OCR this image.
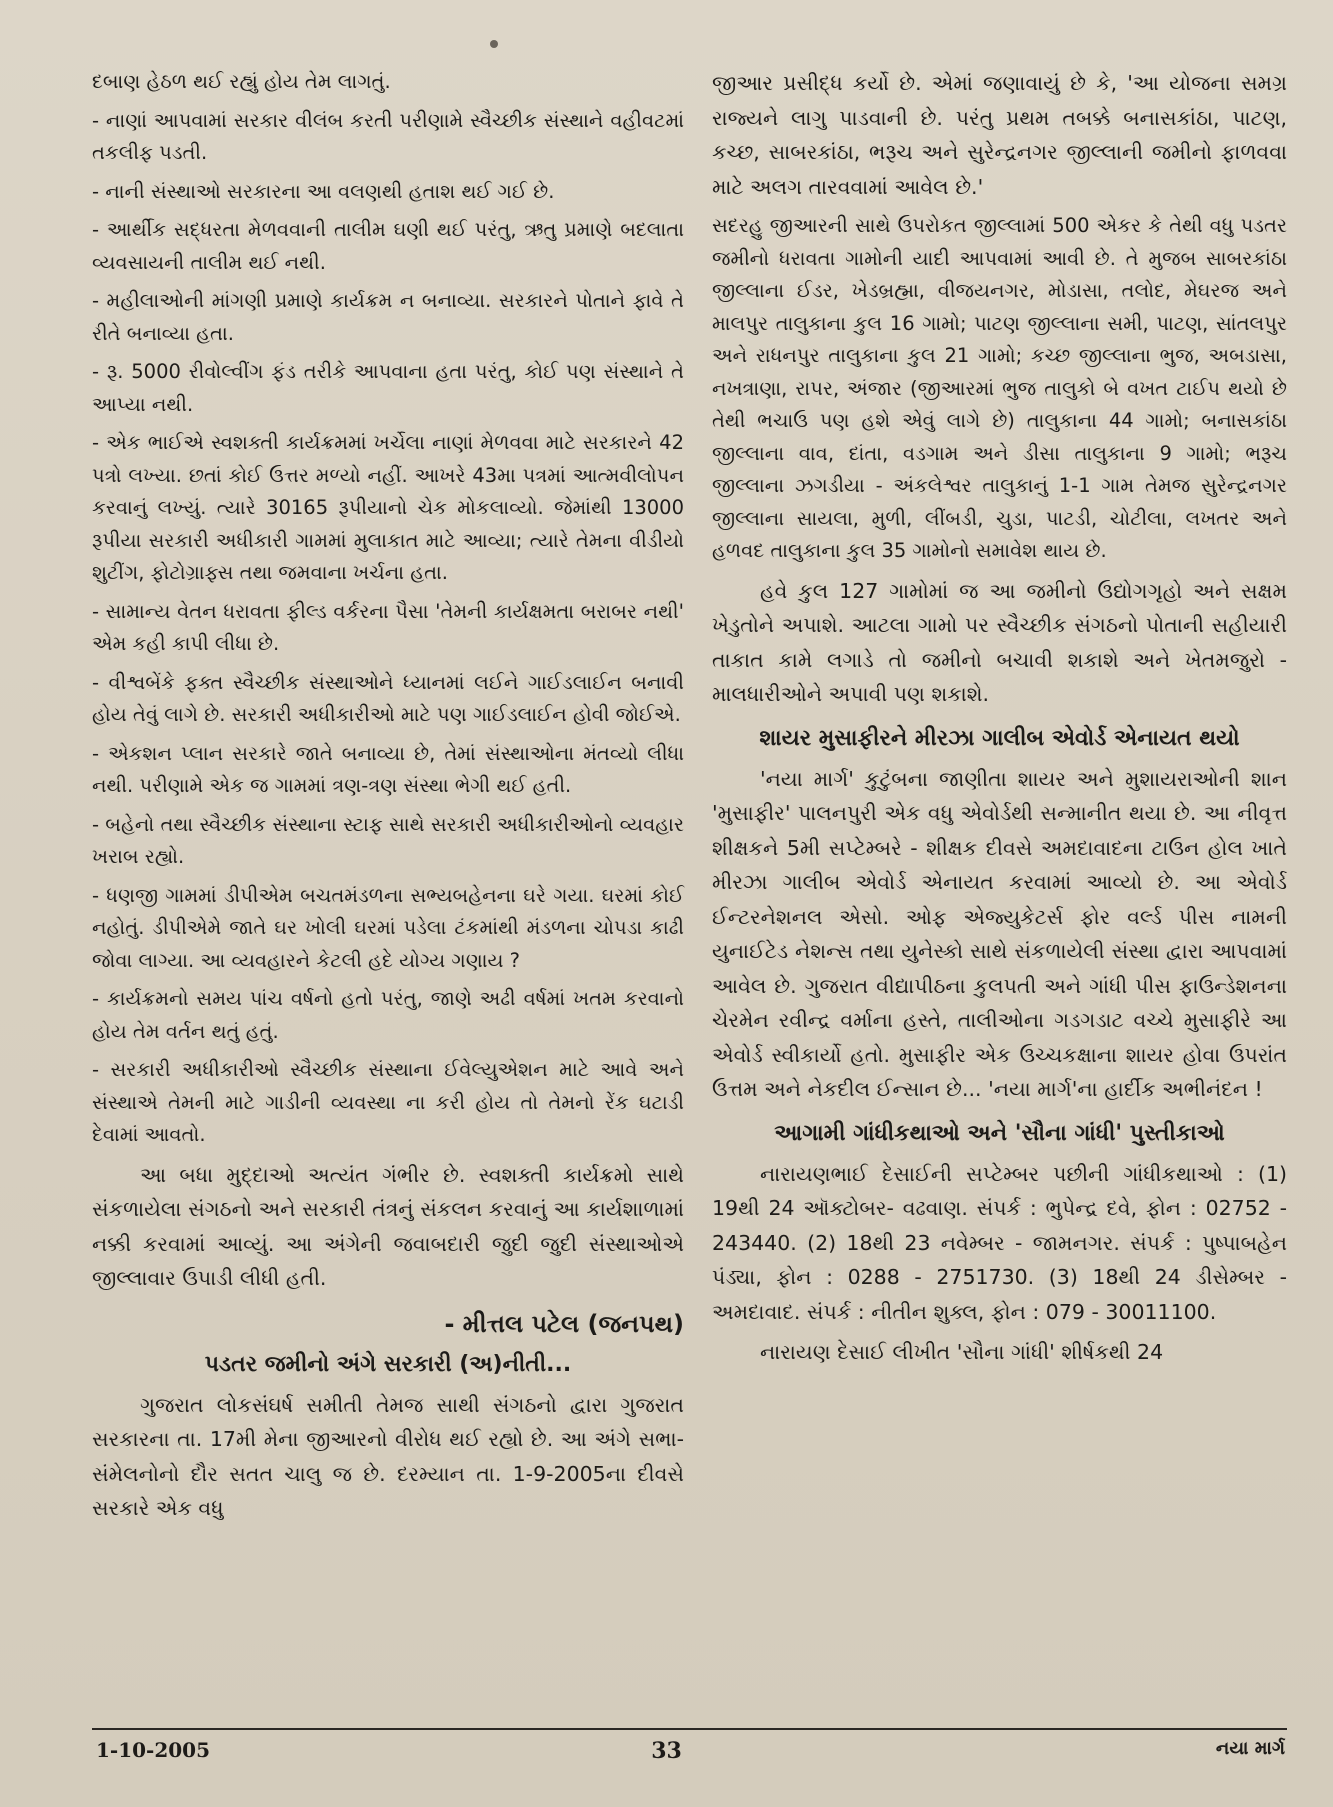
દબાણ હેઠળ થઈ રહ્યું હોય તેમ લાગતું.

- નાણાં આપવામાં સરકાર વીલંબ કરતી પરીણામે સ્વૈચ્છીક સંસ્થાને વહીવટમાં તકલીફ પડતી.

- નાની સંસ્થાઓ સરકારના આ વલણથી હતાશ થઈ ગઈ છે.

- આર્થીક સદ્ધરતા મેળવવાની તાલીમ ઘણી થઈ પરંતુ, ઋતુ પ્રમાણે બદલાતા વ્યવસાયની તાલીમ થઈ નથી.

- મહીલાઓની માંગણી પ્રમાણે કાર્યક્રમ ન બનાવ્યા. સરકારને પોતાને ફાવે તે રીતે બનાવ્યા હતા.

- રૂ. 5000 રીવોલ્વીંગ ફંડ તરીકે આપવાના હતા પરંતુ, કોઈ પણ સંસ્થાને તે આપ્યા નથી.

- એક ભાઈએ સ્વશક્તી કાર્યક્રમમાં ખર્ચેલા નાણાં મેળવવા માટે સરકારને 42 પત્રો લખ્યા. છતાં કોઈ ઉત્તર મળ્યો નહીં. આખરે 43મા પત્રમાં આત્મવીલોપન કરવાનું લખ્યું. ત્યારે 30165 રૂપીયાનો ચેક મોકલાવ્યો. જેમાંથી 13000 રૂપીયા સરકારી અધીકારી ગામમાં મુલાકાત માટે આવ્યા; ત્યારે તેમના વીડીયો શુટીંગ, ફોટોગ્રાફ્સ તથા જમવાના ખર્ચના હતા.

- સામાન્ય વેતન ધરાવતા ફીલ્ડ વર્કરના પૈસા 'તેમની કાર્યક્ષમતા બરાબર નથી' એમ કહી કાપી લીધા છે.

- વીશ્વબેંકે ફક્ત સ્વૈચ્છીક સંસ્થાઓને ધ્યાનમાં લઈને ગાઈડલાઈન બનાવી હોય તેવું લાગે છે. સરકારી અધીકારીઓ માટે પણ ગાઈડલાઈન હોવી જોઈએ.

- એકશન પ્લાન સરકારે જાતે બનાવ્યા છે, તેમાં સંસ્થાઓના મંતવ્યો લીધા નથી. પરીણામે એક જ ગામમાં ત્રણ-ત્રણ સંસ્થા ભેગી થઈ હતી.

- બહેનો તથા સ્વૈચ્છીક સંસ્થાના સ્ટાફ સાથે સરકારી અધીકારીઓનો વ્યવહાર ખરાબ રહ્યો.

- ધણજી ગામમાં ડીપીએમ બચતમંડળના સભ્યબહેનના ઘરે ગયા. ઘરમાં કોઈ નહોતું. ડીપીએમે જાતે ઘર ખોલી ઘરમાં પડેલા ટંકમાંથી મંડળના ચોપડા કાઢી જોવા લાગ્યા. આ વ્યવહારને કેટલી હદે યોગ્ય ગણાય ?

- કાર્યક્રમનો સમય પાંચ વર્ષનો હતો પરંતુ, જાણે અઢી વર્ષમાં ખતમ કરવાનો હોય તેમ વર્તન થતું હતું.

- સરકારી અધીકારીઓ સ્વૈચ્છીક સંસ્થાના ઈવેલ્યુએશન માટે આવે અને સંસ્થાએ તેમની માટે ગાડીની વ્યવસ્થા ના કરી હોય તો તેમનો રેંક ઘટાડી દેવામાં આવતો.

આ બધા મુદ્દાઓ અત્યંત ગંભીર છે. સ્વશક્તી કાર્યક્રમો સાથે સંકળાયેલા સંગઠનો અને સરકારી તંત્રનું સંકલન કરવાનું આ કાર્યશાળામાં નક્કી કરવામાં આવ્યું. આ અંગેની જવાબદારી જુદી જુદી સંસ્થાઓએ જીલ્લાવાર ઉપાડી લીધી હતી.

- મીત્તલ પટેલ (જનપથ)
પડતર જમીનો અંગે સરકારી (અ)નીતી...

ગુજરાત લોકસંઘર્ષ સમીતી તેમજ સાથી સંગઠનો દ્વારા ગુજરાત સરકારના તા. 17મી મેના જીઆરનો વીરોધ થઈ રહ્યો છે. આ અંગે સભા-સંમેલનોનો દૌર સતત ચાલુ જ છે. દરમ્યાન તા. 1-9-2005ના દીવસે સરકારે એક વધુ

જીઆર પ્રસીદ્ધ કર્યો છે. એમાં જણાવાયું છે કે, 'આ યોજના સમગ્ર રાજ્યને લાગુ પાડવાની છે. પરંતુ પ્રથમ તબક્કે બનાસકાંઠા, પાટણ, કચ્છ, સાબરકાંઠા, ભરૂચ અને સુરેન્દ્રનગર જીલ્લાની જમીનો ફાળવવા માટે અલગ તારવવામાં આવેલ છે.'

સદરહુ જીઆરની સાથે ઉપરોકત જીલ્લામાં 500 એકર કે તેથી વધુ પડતર જમીનો ધરાવતા ગામોની યાદી આપવામાં આવી છે. તે મુજબ સાબરકાંઠા જીલ્લાના ઈડર, ખેડબ્રહ્મા, વીજયનગર, મોડાસા, તલોદ, મેઘરજ અને માલપુર તાલુકાના કુલ 16 ગામો; પાટણ જીલ્લાના સમી, પાટણ, સાંતલપુર અને રાધનપુર તાલુકાના કુલ 21 ગામો; કચ્છ જીલ્લાના ભુજ, અબડાસા, નખત્રાણા, રાપર, અંજાર (જીઆરમાં ભુજ તાલુકો બે વખત ટાઈપ થયો છે તેથી ભચાઉ પણ હશે એવું લાગે છે) તાલુકાના 44 ગામો; બનાસકાંઠા જીલ્લાના વાવ, દાંતા, વડગામ અને ડીસા તાલુકાના 9 ગામો; ભરૂચ જીલ્લાના ઝગડીયા - અંકલેશ્વર તાલુકાનું 1-1 ગામ તેમજ સુરેન્દ્રનગર જીલ્લાના સાયલા, મુળી, લીંબડી, ચુડા, પાટડી, ચોટીલા, લખતર અને હળવદ તાલુકાના કુલ 35 ગામોનો સમાવેશ થાય છે.

હવે કુલ 127 ગામોમાં જ આ જમીનો ઉદ્યોગગૃહો અને સક્ષમ ખેડુતોને અપાશે. આટલા ગામો પર સ્વૈચ્છીક સંગઠનો પોતાની સહીયારી તાકાત કામે લગાડે તો જમીનો બચાવી શકાશે અને ખેતમજુરો - માલધારીઓને અપાવી પણ શકાશે.

શાયર મુસાફીરને મીરઝા ગાલીબ એવોર્ડ એનાયત થયો

'નયા માર્ગ' કુટુંબના જાણીતા શાયર અને મુશાયરાઓની શાન 'મુસાફીર' પાલનપુરી એક વધુ એવોર્ડથી સન્માનીત થયા છે. આ નીવૃત્ત શીક્ષકને 5મી સપ્ટેમ્બરે - શીક્ષક દીવસે અમદાવાદના ટાઉન હોલ ખાતે મીરઝા ગાલીબ એવોર્ડ એનાયત કરવામાં આવ્યો છે. આ એવોર્ડ ઈન્ટરનેશનલ એસો. ઓફ એજ્યુકેટર્સ ફોર વર્લ્ડ પીસ નામની યુનાઈટેડ નેશન્સ તથા યુનેસ્કો સાથે સંકળાયેલી સંસ્થા દ્વારા આપવામાં આવેલ છે. ગુજરાત વીદ્યાપીઠના કુલપતી અને ગાંધી પીસ ફાઉન્ડેશનના ચેરમેન રવીન્દ્ર વર્માના હસ્તે, તાલીઓના ગડગડાટ વચ્ચે મુસાફીરે આ એવોર્ડ સ્વીકાર્યો હતો. મુસાફીર એક ઉચ્ચકક્ષાના શાયર હોવા ઉપરાંત ઉત્તમ અને નેકદીલ ઈન્સાન છે... 'નયા માર્ગ'ના હાર્દીક અભીનંદન !

આગામી ગાંધીકથાઓ અને 'સૌના ગાંધી' પુસ્તીકાઓ

નારાયણભાઈ દેસાઈની સપ્ટેમ્બર પછીની ગાંધીકથાઓ : (1) 19થી 24 ઑક્ટોબર- વઢવાણ. સંપર્ક : ભુપેન્દ્ર દવે, ફોન : 02752 - 243440. (2) 18થી 23 નવેમ્બર - જામનગર. સંપર્ક : પુષ્પાબહેન પંડ્યા, ફોન : 0288 - 2751730. (3) 18થી 24 ડીસેમ્બર - અમદાવાદ. સંપર્ક : નીતીન શુક્લ, ફોન : 079 - 30011100.

નારાયણ દેસાઈ લીખીત 'સૌના ગાંધી' શીર્ષકથી 24

1-10-2005	33	નયા માર્ગ
